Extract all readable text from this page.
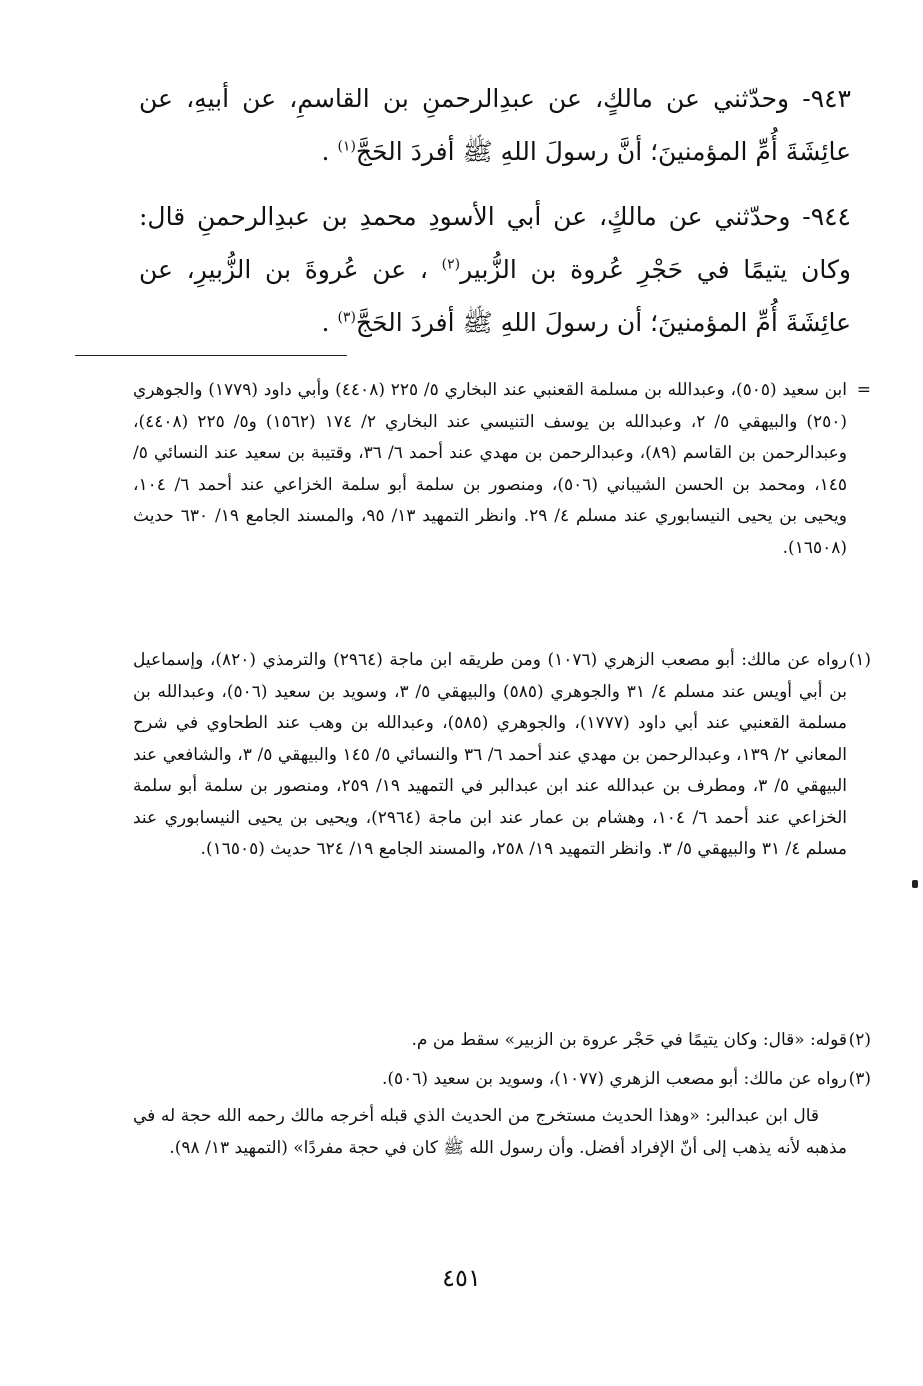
٩٤٣- وحدّثني عن مالكٍ، عن عبدِالرحمنِ بن القاسمِ، عن أبيهِ، عن عائِشَةَ أُمِّ المؤمنينَ؛ أنَّ رسولَ اللهِ ﷺ أفردَ الحَجَّ$^{(١)}$ .

٩٤٤- وحدّثني عن مالكٍ، عن أبي الأسودِ محمدِ بن عبدِالرحمنِ قال: وكان يتيمًا في حَجْرِ عُروة بن الزُّبير$^{(٢)}$ ، عن عُروةَ بن الزُّبيرِ، عن عائِشَةَ أُمِّ المؤمنينَ؛ أن رسولَ اللهِ ﷺ أفردَ الحَجَّ$^{(٣)}$ .

=

ابن سعيد (٥٠٥)، وعبدالله بن مسلمة القعنبي عند البخاري ٥/ ٢٢٥ (٤٤٠٨) وأبي داود (١٧٧٩) والجوهري (٢٥٠) والبيهقي ٥/ ٢، وعبدالله بن يوسف التنيسي عند البخاري ٢/ ١٧٤ (١٥٦٢) و٥/ ٢٢٥ (٤٤٠٨)، وعبدالرحمن بن القاسم (٨٩)، وعبدالرحمن بن مهدي عند أحمد ٦/ ٣٦، وقتيبة بن سعيد عند النسائي ٥/ ١٤٥، ومحمد بن الحسن الشيباني (٥٠٦)، ومنصور بن سلمة أبو سلمة الخزاعي عند أحمد ٦/ ١٠٤، ويحيى بن يحيى النيسابوري عند مسلم ٤/ ٢٩. وانظر التمهيد ١٣/ ٩٥، والمسند الجامع ١٩/ ٦٣٠ حديث (١٦٥٠٨).

(١)

رواه عن مالك: أبو مصعب الزهري (١٠٧٦) ومن طريقه ابن ماجة (٢٩٦٤) والترمذي (٨٢٠)، وإسماعيل بن أبي أويس عند مسلم ٤/ ٣١ والجوهري (٥٨٥) والبيهقي ٥/ ٣، وسويد بن سعيد (٥٠٦)، وعبدالله بن مسلمة القعنبي عند أبي داود (١٧٧٧)، والجوهري (٥٨٥)، وعبدالله بن وهب عند الطحاوي في شرح المعاني ٢/ ١٣٩، وعبدالرحمن بن مهدي عند أحمد ٦/ ٣٦ والنسائي ٥/ ١٤٥ والبيهقي ٥/ ٣، والشافعي عند البيهقي ٥/ ٣، ومطرف بن عبدالله عند ابن عبدالبر في التمهيد ١٩/ ٢٥٩، ومنصور بن سلمة أبو سلمة الخزاعي عند أحمد ٦/ ١٠٤، وهشام بن عمار عند ابن ماجة (٢٩٦٤)، ويحيى بن يحيى النيسابوري عند مسلم ٤/ ٣١ والبيهقي ٥/ ٣. وانظر التمهيد ١٩/ ٢٥٨، والمسند الجامع ١٩/ ٦٢٤ حديث (١٦٥٠٥).

(٢)

قوله: «قال: وكان يتيمًا في حَجْر عروة بن الزبير» سقط من م.

(٣)

رواه عن مالك: أبو مصعب الزهري (١٠٧٧)، وسويد بن سعيد (٥٠٦).

قال ابن عبدالبر: «وهذا الحديث مستخرج من الحديث الذي قبله أخرجه مالك رحمه الله حجة له في مذهبه لأنه يذهب إلى أنّ الإفراد أفضل. وأن رسول الله ﷺ كان في حجة مفردًا» (التمهيد ١٣/ ٩٨).

٤٥١
